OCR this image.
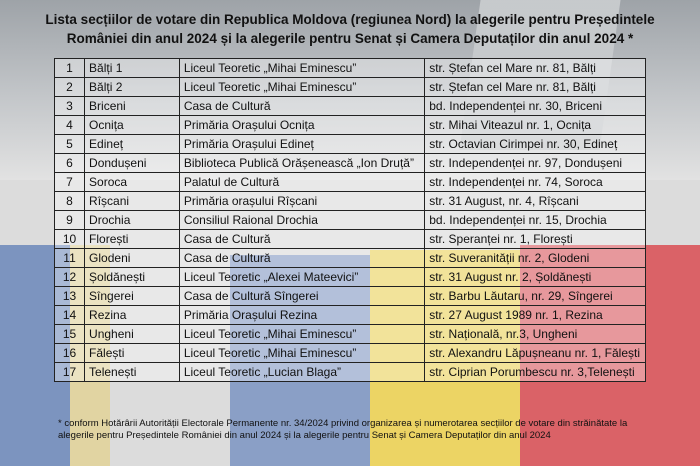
Lista secțiilor de votare din Republica Moldova (regiunea Nord) la alegerile pentru Președintele
României din anul 2024 și la alegerile pentru Senat și Camera Deputaților din anul 2024 *
1	Bălți 1	Liceul Teoretic „Mihai Eminescu”	str. Ștefan cel Mare nr. 81, Bălți
2	Bălți 2	Liceul Teoretic „Mihai Eminescu”	str. Ștefan cel Mare nr. 81, Bălți
3	Briceni	Casa de Cultură	bd. Independenței nr. 30, Briceni
4	Ocnița	Primăria Orașului Ocnița	str. Mihai Viteazul nr. 1, Ocnița
5	Edineț	Primăria Orașului Edineț	str. Octavian Cirimpei nr. 30, Edineț
6	Dondușeni	Biblioteca Publică Orășenească „Ion Druță”	str. Independenței nr. 97, Dondușeni
7	Soroca	Palatul de Cultură	str. Independenței nr. 74, Soroca
8	Rîșcani	Primăria orașului Rîșcani	str. 31 August, nr. 4, Rîșcani
9	Drochia	Consiliul Raional Drochia	bd. Independenței nr. 15, Drochia
10	Florești	Casa de Cultură	str. Speranței nr. 1, Florești
11	Glodeni	Casa de Cultură	str. Suveranității nr. 2, Glodeni
12	Șoldănești	Liceul Teoretic „Alexei Mateevici”	str. 31 August nr. 2, Șoldănești
13	Sîngerei	Casa de Cultură Sîngerei	str. Barbu Lăutaru, nr. 29, Sîngerei
14	Rezina	Primăria Orașului Rezina	str. 27 August 1989 nr. 1, Rezina
15	Ungheni	Liceul Teoretic „Mihai Eminescu”	str. Națională, nr.3, Ungheni
16	Fălești	Liceul Teoretic „Mihai Eminescu”	str. Alexandru Lăpușneanu nr. 1, Fălești
17	Telenești	Liceul Teoretic „Lucian Blaga”	str. Ciprian Porumbescu nr. 3,Telenești
* conform Hotărârii Autorității Electorale Permanente nr. 34/2024 privind organizarea și numerotarea secțiilor de votare din străinătate la alegerile pentru Președintele României din anul 2024 și la alegerile pentru Senat și Camera Deputaților din anul 2024
